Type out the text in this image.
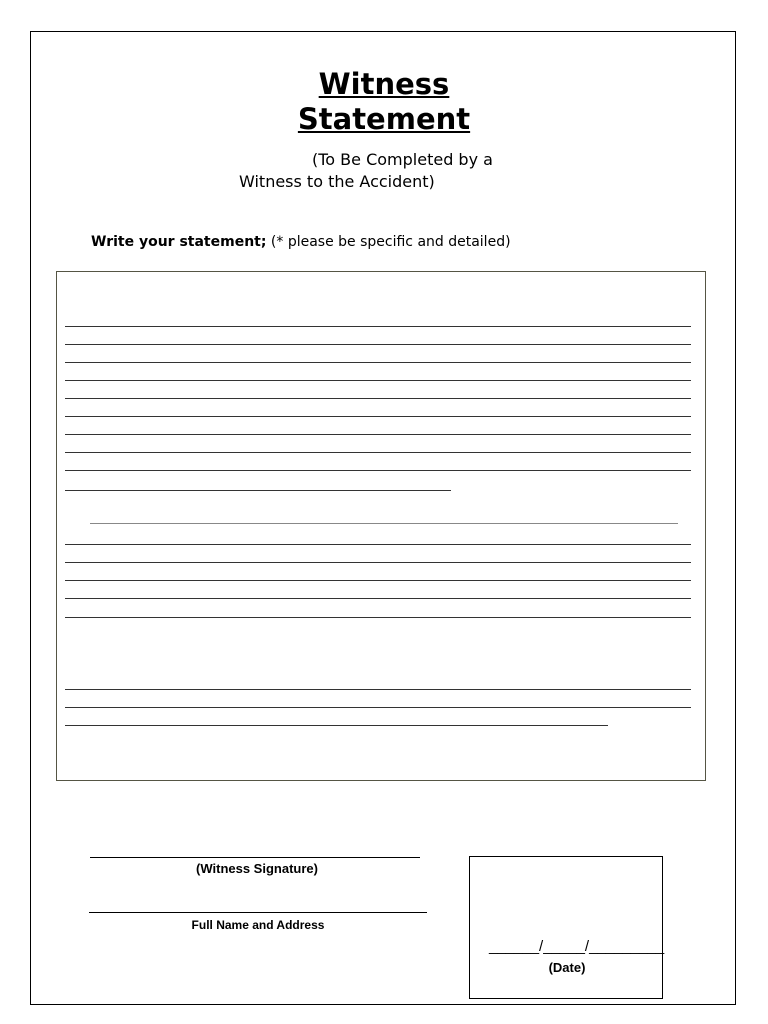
Witness
Statement
(To Be Completed by a
Witness to the Accident)
Write your statement; (* please be specific and detailed)
(Witness Signature)
Full Name and Address
______/_____/_________
(Date)
